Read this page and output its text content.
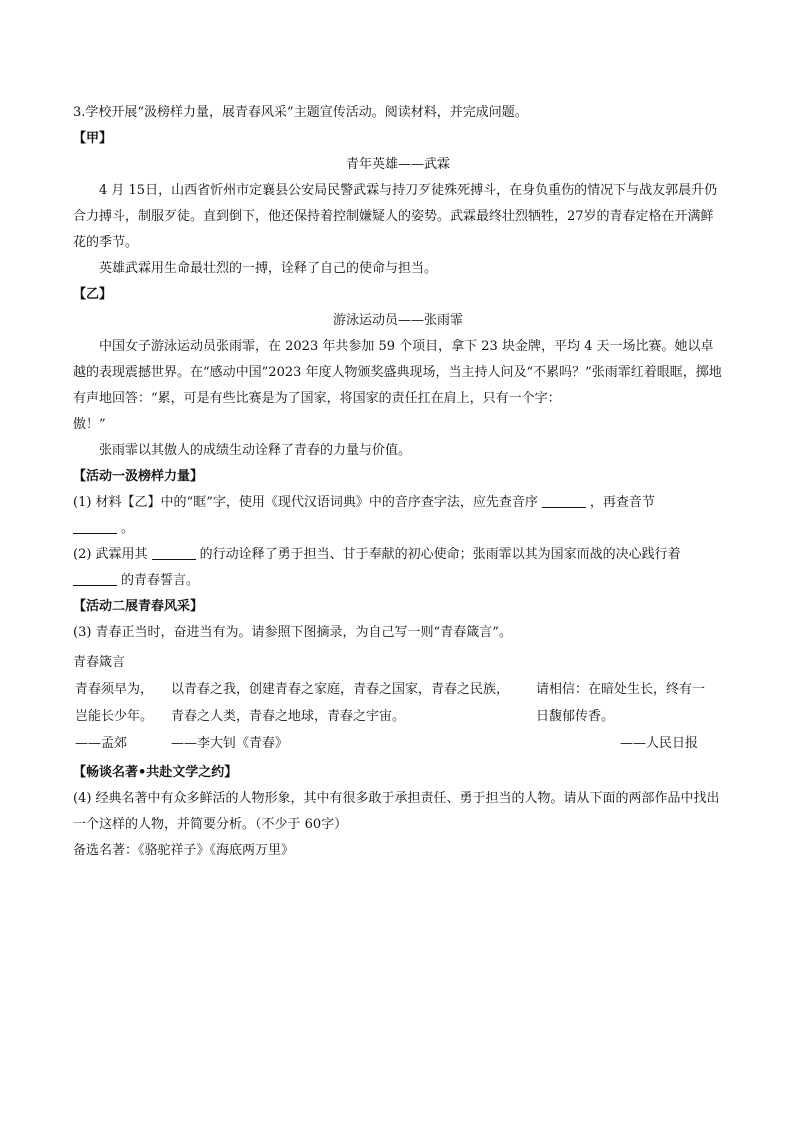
3.学校开展“汲榜样力量，展青春风采”主题宣传活动。阅读材料，并完成问题。
【甲】
青年英雄——武霖
4 月 15日，山西省忻州市定襄县公安局民警武霖与持刀歹徒殊死搏斗，在身负重伤的情况下与战友郭晨升仍合力搏斗，制服歹徒。直到倒下，他还保持着控制嫌疑人的姿势。武霖最终壮烈牺牲，27岁的青春定格在开满鲜花的季节。
英雄武霖用生命最壮烈的一搏，诠释了自己的使命与担当。
【乙】
游泳运动员——张雨霏
中国女子游泳运动员张雨霏，在 2023 年共参加 59 个项目，拿下 23 块金牌，平均 4 天一场比赛。她以卓越的表现震撼世界。在“感动中国”2023 年度人物颁奖盛典现场，当主持人问及“不累吗？”张雨霏红着眼眶，掷地有声地回答：“累，可是有些比赛是为了国家，将国家的责任扛在肩上，只有一个字：
傲！”
张雨霏以其傲人的成绩生动诠释了青春的力量与价值。
【活动一汲榜样力量】
(1) 材料【乙】中的“眶”字，使用《现代汉语词典》中的音序查字法，应先查音序	，再查音节
。
(2) 武霖用其	的行动诠释了勇于担当、甘于奉献的初心使命；张雨霏以其为国家而战的决心践行着
的青春誓言。
【活动二展青春风采】
(3) 青春正当时，奋进当有为。请参照下图摘录，为自己写一则“青春箴言”。
青春箴言
青春须早为，岂能长少年。
——孟郊
以青春之我，创建青春之家庭，青春之国家，青春之民族，青春之人类，青春之地球，青春之宇宙。
——李大钊《青春》
请相信：在暗处生长，终有一日馥郁传香。
——人民日报
【畅谈名著•共赴文学之约】
(4) 经典名著中有众多鲜活的人物形象，其中有很多敢于承担责任、勇于担当的人物。请从下面的两部作品中找出一个这样的人物，并简要分析。（不少于 60字）
备选名著：《骆驼祥子》《海底两万里》
